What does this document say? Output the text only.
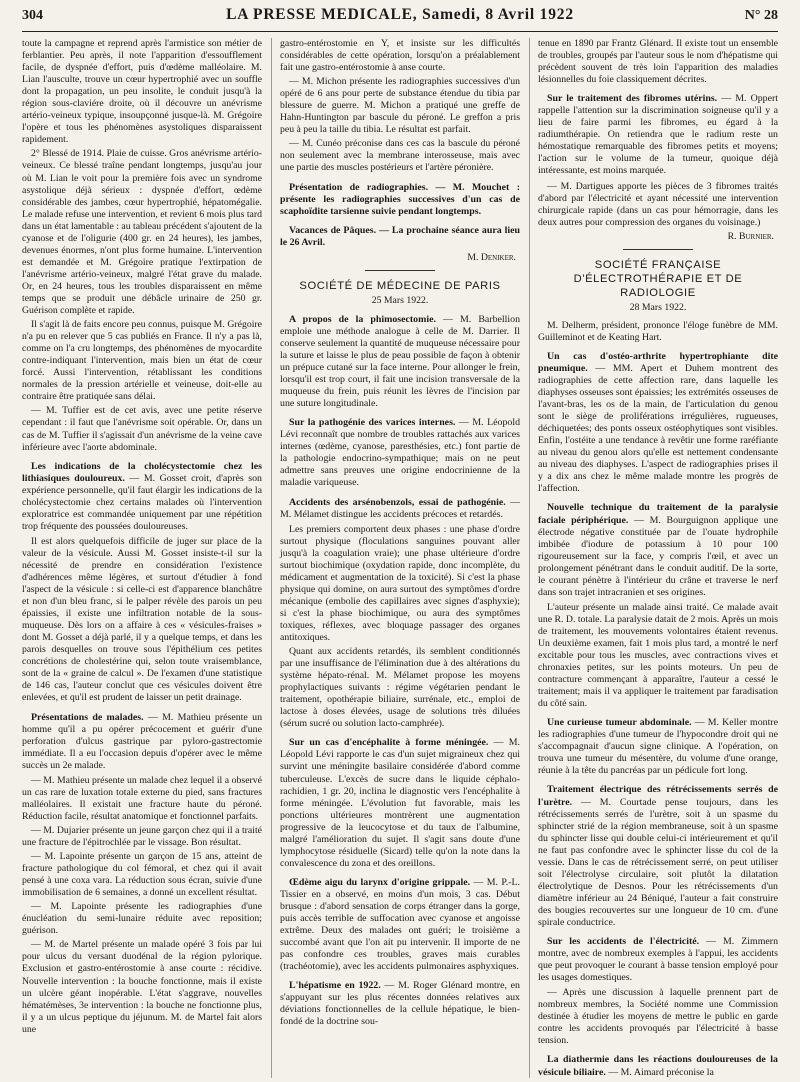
304	LA PRESSE MEDICALE, Samedi, 8 Avril 1922	N° 28

toute la campagne et reprend après l'armistice son métier de ferblantier. Peu après, il note l'apparition d'essoufflement facile, de dyspnée d'effort, puis d'œdème malléolaire. M. Lian l'ausculte, trouve un cœur hypertrophié avec un souffle dont la propagation, un peu insolite, le conduit jusqu'à la région sous-claviére droite, où il découvre un anévrisme artério-veineux typique, insoupçonné jusque-là. M. Grégoire l'opère et tous les phénomènes asystoliques disparaissent rapidement.

2° Blessé de 1914. Plaie de cuisse. Gros anévrisme artério-veineux. Ce blessé traîne pendant longtemps, jusqu'au jour où M. Lian le voit pour la première fois avec un syndrome asystolique déjà sérieux : dyspnée d'effort, œdème considérable des jambes, cœur hypertrophié, hépatomégalie. Le malade refuse une intervention, et revient 6 mois plus tard dans un état lamentable : au tableau précédent s'ajoutent de la cyanose et de l'oligurie (400 gr. en 24 heures), les jambes, devenues énormes, n'ont plus forme humaine. L'intervention est demandée et M. Grégoire pratique l'extirpation de l'anévrisme artério-veineux, malgré l'état grave du malade. Or, en 24 heures, tous les troubles disparaissent en même temps que se produit une débâcle urinaire de 250 gr. Guérison complète et rapide.

Il s'agit là de faits encore peu connus, puisque M. Grégoire n'a pu en relever que 5 cas publiés en France. Il n'y a pas là, comme on l'a cru longtemps, des phénomènes de myocardite contre-indiquant l'intervention, mais bien un état de cœur forcé. Aussi l'intervention, rétablissant les conditions normales de la pression artérielle et veineuse, doit-elle au contraire être pratiquée sans délai.

— M. Tuffier est de cet avis, avec une petite réserve cependant : il faut que l'anévrisme soit opérable. Or, dans un cas de M. Tuffier il s'agissait d'un anévrisme de la veine cave inférieure avec l'aorte abdominale.

Les indications de la cholécystectomie chez les lithiasiques douloureux. — M. Gosset croit, d'après son expérience personnelle, qu'il faut élargir les indications de la cholécystectomie chez certains malades où l'intervention exploratrice est commandée uniquement par une répétition trop fréquente des poussées douloureuses.

Il est alors quelquefois difficile de juger sur place de la valeur de la vésicule. Aussi M. Gosset insiste-t-il sur la nécessité de prendre en considération l'existence d'adhérences même légères, et surtout d'étudier à fond l'aspect de la vésicule : si celle-ci est d'apparence blanchâtre et non d'un bleu franc, si le palper révèle des parois un peu épaissies, il existe une infiltration notable de la sous-muqueuse. Dès lors on a affaire à ces « vésicules-fraises » dont M. Gosset a déjà parlé, il y a quelque temps, et dans les parois desquelles on trouve sous l'épithélium ces petites concrétions de cholestérine qui, selon toute vraisemblance, sont de la « graine de calcul ». De l'examen d'une statistique de 146 cas, l'auteur conclut que ces vésicules doivent être enlevées, et qu'il est prudent de laisser un petit drainage.

Présentations de malades. — M. Mathieu présente un homme qu'il a pu opérer précocement et guérir d'une perforation d'ulcus gastrique par pyloro-gastrectomie immédiate. Il a eu l'occasion depuis d'opérer avec le même succès un 2e malade.

— M. Mathieu présente un malade chez lequel il a observé un cas rare de luxation totale externe du pied, sans fractures malléolaires. Il existait une fracture haute du péroné. Réduction facile, résultat anatomique et fonctionnel parfaits.

— M. Dujarier présente un jeune garçon chez qui il a traité une fracture de l'épitrochlée par le vissage. Bon résultat.

— M. Lapointe présente un garçon de 15 ans, atteint de fracture pathologique du col fémoral, et chez qui il avait pensé à une coxa vara. La réduction sous écran, suivie d'une immobilisation de 6 semaines, a donné un excellent résultat.

— M. Lapointe présente les radiographies d'une énucléation du semi-lunaire réduite avec reposition; guérison.

— M. de Martel présente un malade opéré 3 fois par lui pour ulcus du versant duodénal de la région pylorique. Exclusion et gastro-entérostomie à anse courte : récidive. Nouvelle intervention : la bouche fonctionne, mais il existe un ulcère géant inopérable. L'état s'aggrave, nouvelles hématémèses, 3e intervention : la bouche ne fonctionne plus, il y a un ulcus peptique du jéjunum. M. de Martel fait alors une

gastro-entérostomie en Y, et insiste sur les difficultés considérables de cette opération, lorsqu'on a préalablement fait une gastro-entérostomie à anse courte.

— M. Michon présente les radiographies successives d'un opéré de 6 ans pour perte de substance étendue du tibia par blessure de guerre. M. Michon a pratiqué une greffe de Hahn-Huntington par bascule du péroné. Le greffon a pris peu à peu la taille du tibia. Le résultat est parfait.

— M. Cunéo préconise dans ces cas la bascule du péroné non seulement avec la membrane interosseuse, mais avec une partie des muscles postérieurs et l'artère péronière.

Présentation de radiographies. — M. Mouchet : présente les radiographies successives d'un cas de scaphoïdite tarsienne suivie pendant longtemps.
Vacances de Pâques. — La prochaine séance aura lieu le 26 Avril.

M. Deniker.

SOCIÉTÉ DE MÉDECINE DE PARIS

25 Mars 1922.

A propos de la phimosectomie. — M. Barbellion emploie une méthode analogue à celle de M. Darrier. Il conserve seulement la quantité de muqueuse nécessaire pour la suture et laisse le plus de peau possible de façon à obtenir un prépuce cutané sur la face interne. Pour allonger le frein, lorsqu'il est trop court, il fait une incision transversale de la muqueuse du frein, puis réunit les lèvres de l'incision par une suture longitudinale.
Sur la pathogénie des varices internes. — M. Léopold Lévi reconnaît que nombre de troubles rattachés aux varices internes (œdème, cyanose, paresthésies, etc.) font partie de la pathologie endocrino-sympathique; mais on ne peut admettre sans preuves une origine endocrinienne de la maladie variqueuse.
Accidents des arsénobenzols, essai de pathogénie. — M. Mélamet distingue les accidents précoces et retardés.

Les premiers comportent deux phases : une phase d'ordre surtout physique (floculations sanguines pouvant aller jusqu'à la coagulation vraie); une phase ultérieure d'ordre surtout biochimique (oxydation rapide, donc incomplète, du médicament et augmentation de la toxicité). Si c'est la phase physique qui domine, on aura surtout des symptômes d'ordre mécanique (embolie des capillaires avec signes d'asphyxie); si c'est la phase biochimique, ou aura des symptômes toxiques, réflexes, avec bloquage passager des organes antitoxiques.

Quant aux accidents retardés, ils semblent conditionnés par une insuffisance de l'élimination due à des altérations du système hépato-rénal. M. Mélamet propose les moyens prophylactiques suivants : régime végétarien pendant le traitement, opothérapie biliaire, surrénale, etc., emploi de lactose à doses élevées, usage de solutions très diluées (sérum sucré ou solution lacto-camphrée).

Sur un cas d'encéphalite à forme méningée. — M. Léopold Lévi rapporte le cas d'un sujet migraineux chez qui survint une méningite basilaire considérée d'abord comme tuberculeuse. L'excès de sucre dans le liquide céphalo-rachidien, 1 gr. 20, inclina le diagnostic vers l'encéphalite à forme méningée. L'évolution fut favorable, mais les ponctions ultérieures montrèrent une augmentation progressive de la leucocytose et du taux de l'albumine, malgré l'amélioration du sujet. Il s'agit sans doute d'une lymphocytose résiduelle (Sicard) telle qu'on la note dans la convalescence du zona et des oreillons.
Œdème aigu du larynx d'origine grippale. — M. P.-L. Tissier en a observé, en moins d'un mois, 3 cas. Début brusque : d'abord sensation de corps étranger dans la gorge, puis accès terrible de suffocation avec cyanose et angoisse extrême. Deux des malades ont guéri; le troisième a succombé avant que l'on ait pu intervenir. Il importe de ne pas confondre ces troubles, graves mais curables (trachéotomie), avec les accidents pulmonaires asphyxiques.
L'hépatisme en 1922. — M. Roger Glénard montre, en s'appuyant sur les plus récentes données relatives aux déviations fonctionnelles de la cellule hépatique, le bien-fondé de la doctrine sou-

tenue en 1890 par Frantz Glénard. Il existe tout un ensemble de troubles, groupés par l'auteur sous le nom d'hépatisme qui précèdent souvent de très loin l'apparition des maladies lésionnelles du foie classiquement décrites.

Sur le traitement des fibromes utérins. — M. Oppert rappelle l'attention sur la discrimination soigneuse qu'il y a lieu de faire parmi les fibromes, eu égard à la radiumthérapie. On retiendra que le radium reste un hémostatique remarquable des fibromes petits et moyens; l'action sur le volume de la tumeur, quoique déjà intéressante, est moins marquée.

— M. Dartigues apporte les pièces de 3 fibromes traités d'abord par l'électricité et ayant nécessité une intervention chirurgicale rapide (dans un cas pour hémorragie, dans les deux autres pour compression des organes du voisinage.)

R. Burnier.

SOCIÉTÉ FRANÇAISE D'ÉLECTROTHÉRAPIE ET DE RADIOLOGIE

28 Mars 1922.

M. Delherm, président, prononce l'éloge funèbre de MM. Guilleminot et de Keating Hart.

Un cas d'ostéo-arthrite hypertrophiante dite pneumique. — MM. Apert et Duhem montrent des radiographies de cette affection rare, dans laquelle les diaphyses osseuses sont épaissies; les extrémités osseuses de l'avant-bras, les os de la main, de l'articulation du genou sont le siège de proliférations irrégulières, rugueuses, déchiquetées; des ponts osseux ostéophytiques sont visibles. Enfin, l'ostéite a une tendance à revêtir une forme raréfiante au niveau du genou alors qu'elle est nettement condensante au niveau des diaphyses. L'aspect de radiographies prises il y a dix ans chez le même malade montre les progrès de l'affection.
Nouvelle technique du traitement de la paralysie faciale périphérique. — M. Bourguignon applique une électrode négative constituée par de l'ouate hydrophile imbibée d'iodure de potassium à 10 pour 100 rigoureusement sur la face, y compris l'œil, et avec un prolongement pénétrant dans le conduit auditif. De la sorte, le courant pénètre à l'intérieur du crâne et traverse le nerf dans son trajet intracranien et ses origines.

L'auteur présente un malade ainsi traité. Ce malade avait une R. D. totale. La paralysie datait de 2 mois. Après un mois de traitement, les mouvements volontaires étaient revenus. Un deuxième examen, fait 1 mois plus tard, a montré le nerf excitable pour tous les muscles, avec contractions vives et chronaxies petites, sur les points moteurs. Un peu de contracture commençant à apparaître, l'auteur a cessé le traitement; mais il va appliquer le traitement par faradisation du côté sain.

Une curieuse tumeur abdominale. — M. Keller montre les radiographies d'une tumeur de l'hypocondre droit qui ne s'accompagnait d'aucun signe clinique. A l'opération, on trouva une tumeur du mésentère, du volume d'une orange, réunie à la tête du pancréas par un pédicule fort long.
Traitement électrique des rétrécissements serrés de l'urètre. — M. Courtade pense toujours, dans les rétrécissements serrés de l'urètre, soit à un spasme du sphincter strié de la région membraneuse, soit à un spasme du sphincter lisse qui double celui-ci intérieurement et qu'il ne faut pas confondre avec le sphincter lisse du col de la vessie. Dans le cas de rétrécissement serré, on peut utiliser soit l'électrolyse circulaire, soit plutôt la dilatation électrolytique de Desnos. Pour les rétrécissements d'un diamètre inférieur au 24 Béniqué, l'auteur a fait construire des bougies recouvertes sur une longueur de 10 cm. d'une spirale conductrice.
Sur les accidents de l'électricité. — M. Zimmern montre, avec de nombreux exemples à l'appui, les accidents que peut provoquer le courant à basse tension employé pour les usages domestiques.

— Après une discussion à laquelle prennent part de nombreux membres, la Société nomme une Commission destinée à étudier les moyens de mettre le public en garde contre les accidents provoqués par l'électricité à basse tension.

La diathermie dans les réactions douloureuses de la vésicule biliaire. — M. Aimard préconise la
